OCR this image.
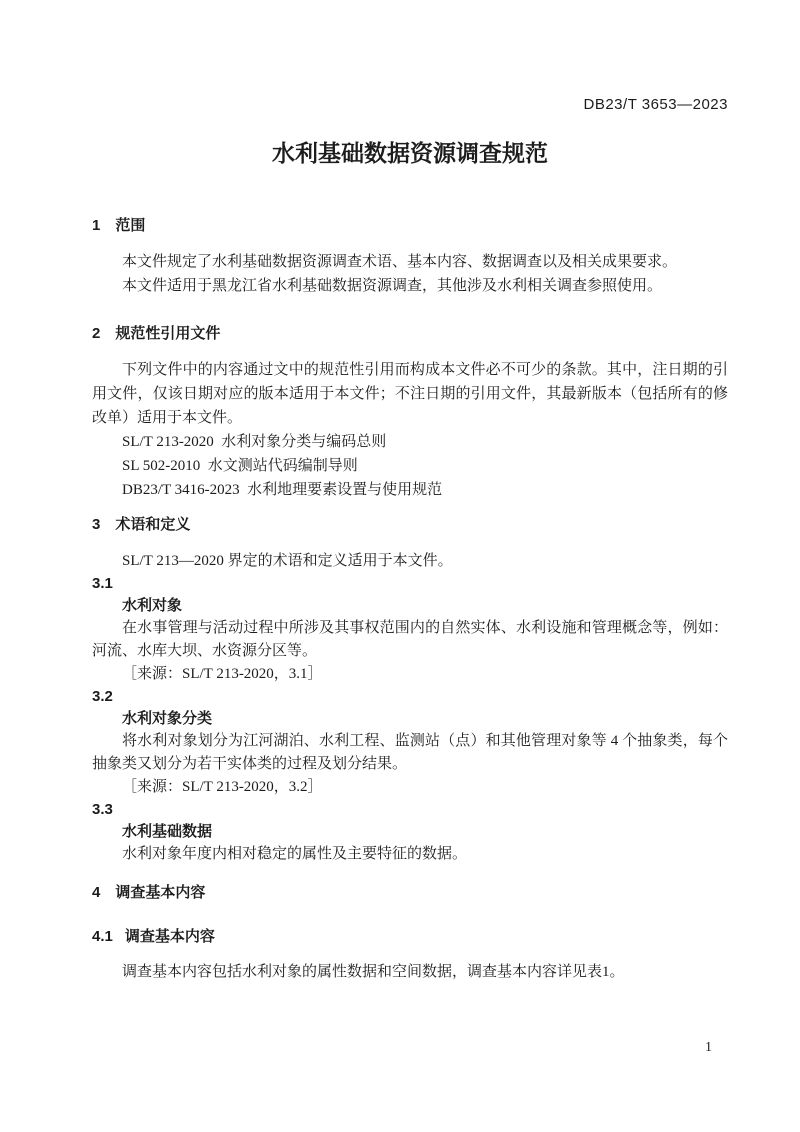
DB23/T 3653—2023
水利基础数据资源调查规范
1 范围

本文件规定了水利基础数据资源调查术语、基本内容、数据调查以及相关成果要求。

本文件适用于黑龙江省水利基础数据资源调查，其他涉及水利相关调查参照使用。

2 规范性引用文件

下列文件中的内容通过文中的规范性引用而构成本文件必不可少的条款。其中，注日期的引用文件，仅该日期对应的版本适用于本文件；不注日期的引用文件，其最新版本（包括所有的修改单）适用于本文件。

SL/T 213-2020  水利对象分类与编码总则

SL 502-2010  水文测站代码编制导则

DB23/T 3416-2023  水利地理要素设置与使用规范

3 术语和定义

SL/T 213—2020 界定的术语和定义适用于本文件。

3.1
水利对象

在水事管理与活动过程中所涉及其事权范围内的自然实体、水利设施和管理概念等，例如：河流、水库大坝、水资源分区等。

［来源：SL/T 213-2020，3.1］

3.2
水利对象分类

将水利对象划分为江河湖泊、水利工程、监测站（点）和其他管理对象等 4 个抽象类，每个抽象类又划分为若干实体类的过程及划分结果。

［来源：SL/T 213-2020，3.2］

3.3
水利基础数据

水利对象年度内相对稳定的属性及主要特征的数据。

4 调查基本内容
4.1 调查基本内容

调查基本内容包括水利对象的属性数据和空间数据，调查基本内容详见表1。

1
